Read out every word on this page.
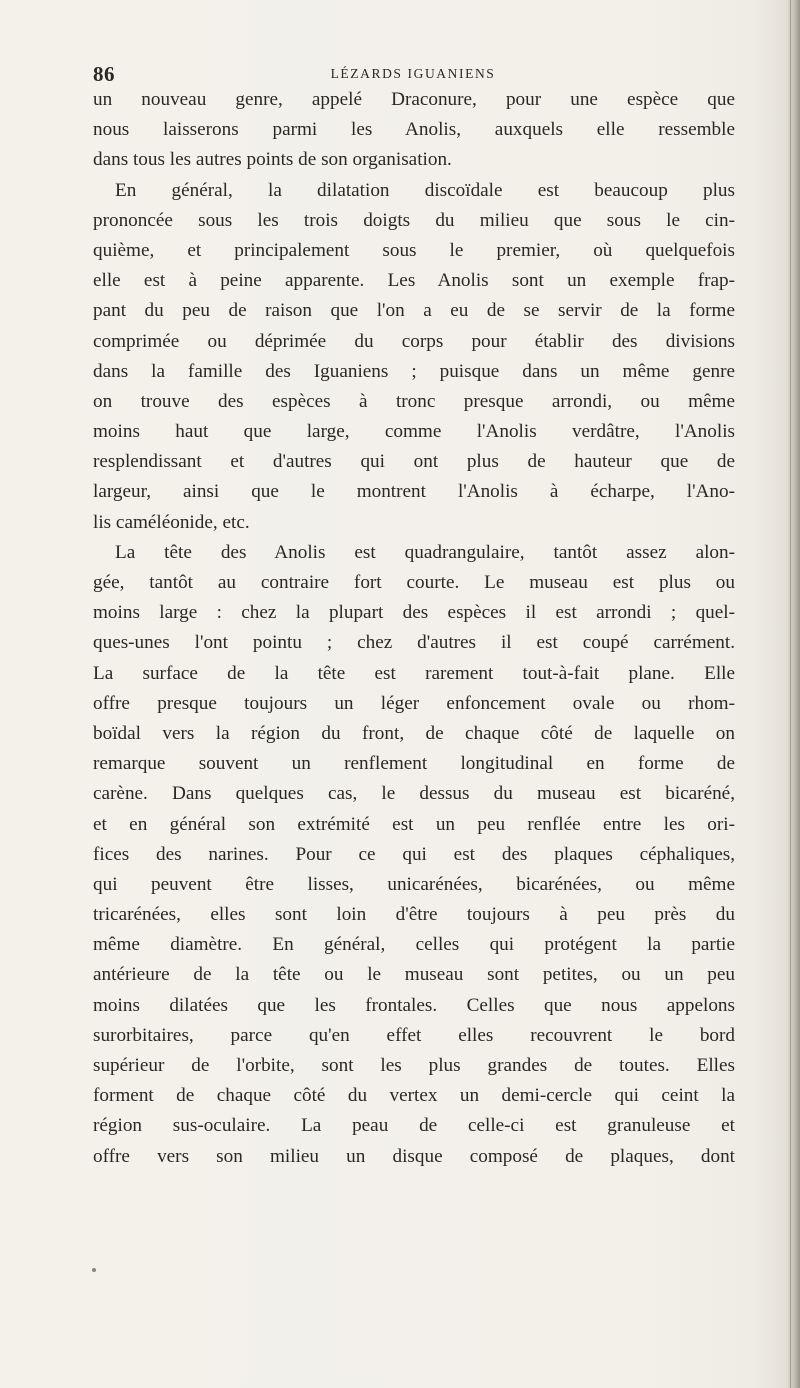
86	LÉZARDS IGUANIENS
un nouveau genre, appelé Draconure, pour une espèce que
nous laisserons parmi les Anolis, auxquels elle ressemble
dans tous les autres points de son organisation.
En général, la dilatation discoïdale est beaucoup plus
prononcée sous les trois doigts du milieu que sous le cin-
quième, et principalement sous le premier, où quelquefois
elle est à peine apparente. Les Anolis sont un exemple frap-
pant du peu de raison que l'on a eu de se servir de la forme
comprimée ou déprimée du corps pour établir des divisions
dans la famille des Iguaniens ; puisque dans un même genre
on trouve des espèces à tronc presque arrondi, ou même
moins haut que large, comme l'Anolis verdâtre, l'Anolis
resplendissant et d'autres qui ont plus de hauteur que de
largeur, ainsi que le montrent l'Anolis à écharpe, l'Ano-
lis caméléonide, etc.
La tête des Anolis est quadrangulaire, tantôt assez alon-
gée, tantôt au contraire fort courte. Le museau est plus ou
moins large : chez la plupart des espèces il est arrondi ; quel-
ques-unes l'ont pointu ; chez d'autres il est coupé carrément.
La surface de la tête est rarement tout-à-fait plane. Elle
offre presque toujours un léger enfoncement ovale ou rhom-
boïdal vers la région du front, de chaque côté de laquelle on
remarque souvent un renflement longitudinal en forme de
carène. Dans quelques cas, le dessus du museau est bicaréné,
et en général son extrémité est un peu renflée entre les ori-
fices des narines. Pour ce qui est des plaques céphaliques,
qui peuvent être lisses, unicarénées, bicarénées, ou même
tricarénées, elles sont loin d'être toujours à peu près du
même diamètre. En général, celles qui protégent la partie
antérieure de la tête ou le museau sont petites, ou un peu
moins dilatées que les frontales. Celles que nous appelons
surorbitaires, parce qu'en effet elles recouvrent le bord
supérieur de l'orbite, sont les plus grandes de toutes. Elles
forment de chaque côté du vertex un demi-cercle qui ceint la
région sus-oculaire. La peau de celle-ci est granuleuse et
offre vers son milieu un disque composé de plaques, dont
